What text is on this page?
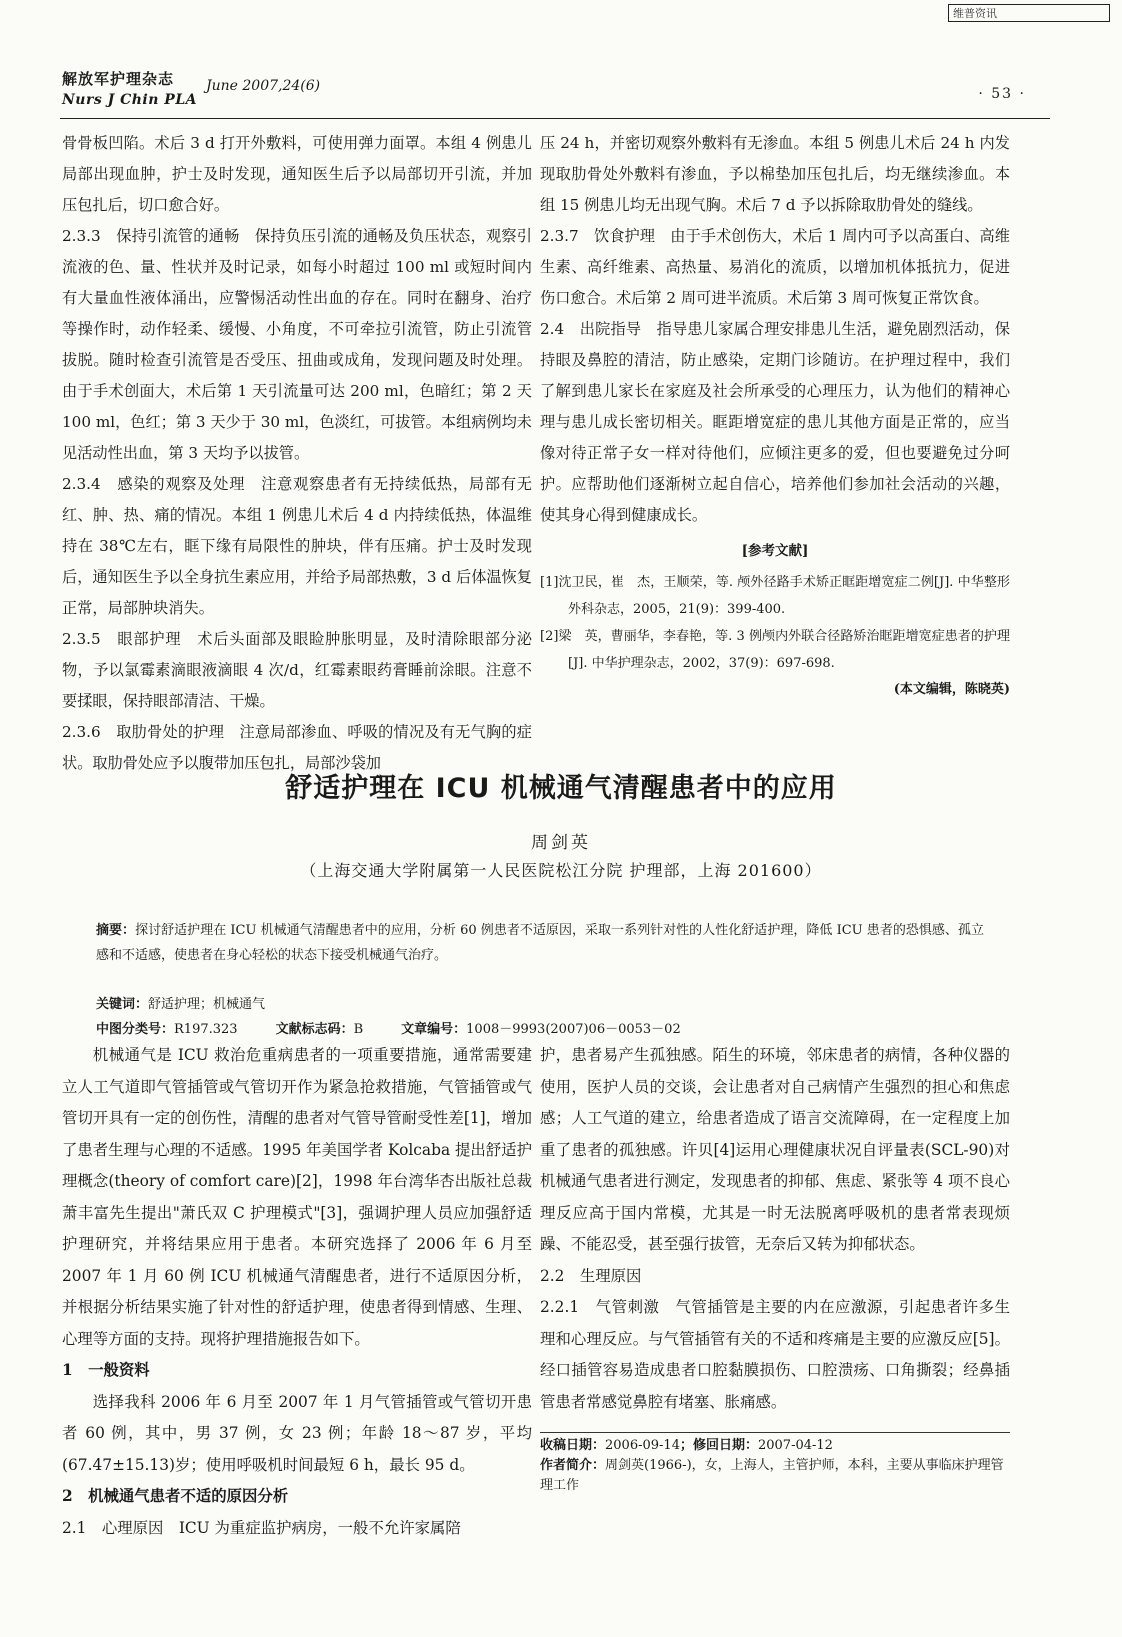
维普资讯
解放军护理杂志
Nurs J Chin PLA
June 2007,24(6)	· 53 ·

骨骨板凹陷。术后 3 d 打开外敷料，可使用弹力面罩。本组 4 例患儿局部出现血肿，护士及时发现，通知医生后予以局部切开引流，并加压包扎后，切口愈合好。

2.3.3　保持引流管的通畅　保持负压引流的通畅及负压状态，观察引流液的色、量、性状并及时记录，如每小时超过 100 ml 或短时间内有大量血性液体涌出，应警惕活动性出血的存在。同时在翻身、治疗等操作时，动作轻柔、缓慢、小角度，不可牵拉引流管，防止引流管拔脱。随时检查引流管是否受压、扭曲或成角，发现问题及时处理。由于手术创面大，术后第 1 天引流量可达 200 ml，色暗红；第 2 天 100 ml，色红；第 3 天少于 30 ml，色淡红，可拔管。本组病例均未见活动性出血，第 3 天均予以拔管。

2.3.4　感染的观察及处理　注意观察患者有无持续低热，局部有无红、肿、热、痛的情况。本组 1 例患儿术后 4 d 内持续低热，体温维持在 38℃左右，眶下缘有局限性的肿块，伴有压痛。护士及时发现后，通知医生予以全身抗生素应用，并给予局部热敷，3 d 后体温恢复正常，局部肿块消失。

2.3.5　眼部护理　术后头面部及眼睑肿胀明显，及时清除眼部分泌物，予以氯霉素滴眼液滴眼 4 次/d，红霉素眼药膏睡前涂眼。注意不要揉眼，保持眼部清洁、干燥。

2.3.6　取肋骨处的护理　注意局部渗血、呼吸的情况及有无气胸的症状。取肋骨处应予以腹带加压包扎，局部沙袋加

压 24 h，并密切观察外敷料有无渗血。本组 5 例患儿术后 24 h 内发现取肋骨处外敷料有渗血，予以棉垫加压包扎后，均无继续渗血。本组 15 例患儿均无出现气胸。术后 7 d 予以拆除取肋骨处的缝线。

2.3.7　饮食护理　由于手术创伤大，术后 1 周内可予以高蛋白、高维生素、高纤维素、高热量、易消化的流质，以增加机体抵抗力，促进伤口愈合。术后第 2 周可进半流质。术后第 3 周可恢复正常饮食。

2.4　出院指导　指导患儿家属合理安排患儿生活，避免剧烈活动，保持眼及鼻腔的清洁，防止感染，定期门诊随访。在护理过程中，我们了解到患儿家长在家庭及社会所承受的心理压力，认为他们的精神心理与患儿成长密切相关。眶距增宽症的患儿其他方面是正常的，应当像对待正常子女一样对待他们，应倾注更多的爱，但也要避免过分呵护。应帮助他们逐渐树立起自信心，培养他们参加社会活动的兴趣，使其身心得到健康成长。

[参考文献]
[1]沈卫民，崔　杰，王顺荣，等. 颅外径路手术矫正眶距增宽症二例[J]. 中华整形外科杂志，2005，21(9)：399-400.
[2]梁　英，曹丽华，李春艳，等. 3 例颅内外联合径路矫治眶距增宽症患者的护理[J]. 中华护理杂志，2002，37(9)：697-698.
(本文编辑，陈晓英)
舒适护理在 ICU 机械通气清醒患者中的应用
周剑英
（上海交通大学附属第一人民医院松江分院 护理部，上海 201600）
摘要：探讨舒适护理在 ICU 机械通气清醒患者中的应用，分析 60 例患者不适原因，采取一系列针对性的人性化舒适护理，降低 ICU 患者的恐惧感、孤立感和不适感，使患者在身心轻松的状态下接受机械通气治疗。
关键词：舒适护理；机械通气
中图分类号：R197.323	文献标志码：B	文章编号：1008－9993(2007)06－0053－02

机械通气是 ICU 救治危重病患者的一项重要措施，通常需要建立人工气道即气管插管或气管切开作为紧急抢救措施，气管插管或气管切开具有一定的创伤性，清醒的患者对气管导管耐受性差[1]，增加了患者生理与心理的不适感。1995 年美国学者 Kolcaba 提出舒适护理概念(theory of comfort care)[2]，1998 年台湾华杏出版社总裁萧丰富先生提出"萧氏双 C 护理模式"[3]，强调护理人员应加强舒适护理研究，并将结果应用于患者。本研究选择了 2006 年 6 月至 2007 年 1 月 60 例 ICU 机械通气清醒患者，进行不适原因分析，并根据分析结果实施了针对性的舒适护理，使患者得到情感、生理、心理等方面的支持。现将护理措施报告如下。

1　一般资料

选择我科 2006 年 6 月至 2007 年 1 月气管插管或气管切开患者 60 例，其中，男 37 例，女 23 例；年龄 18～87 岁，平均(67.47±15.13)岁；使用呼吸机时间最短 6 h，最长 95 d。

2　机械通气患者不适的原因分析

2.1　心理原因　ICU 为重症监护病房，一般不允许家属陪

护，患者易产生孤独感。陌生的环境，邻床患者的病情，各种仪器的使用，医护人员的交谈，会让患者对自己病情产生强烈的担心和焦虑感；人工气道的建立，给患者造成了语言交流障碍，在一定程度上加重了患者的孤独感。许贝[4]运用心理健康状况自评量表(SCL-90)对机械通气患者进行测定，发现患者的抑郁、焦虑、紧张等 4 项不良心理反应高于国内常模，尤其是一时无法脱离呼吸机的患者常表现烦躁、不能忍受，甚至强行拔管，无奈后又转为抑郁状态。

2.2　生理原因

2.2.1　气管刺激　气管插管是主要的内在应激源，引起患者许多生理和心理反应。与气管插管有关的不适和疼痛是主要的应激反应[5]。经口插管容易造成患者口腔黏膜损伤、口腔溃疡、口角撕裂；经鼻插管患者常感觉鼻腔有堵塞、胀痛感。

收稿日期：2006-09-14；修回日期：2007-04-12
作者简介：周剑英(1966-)，女，上海人，主管护师，本科，主要从事临床护理管理工作
